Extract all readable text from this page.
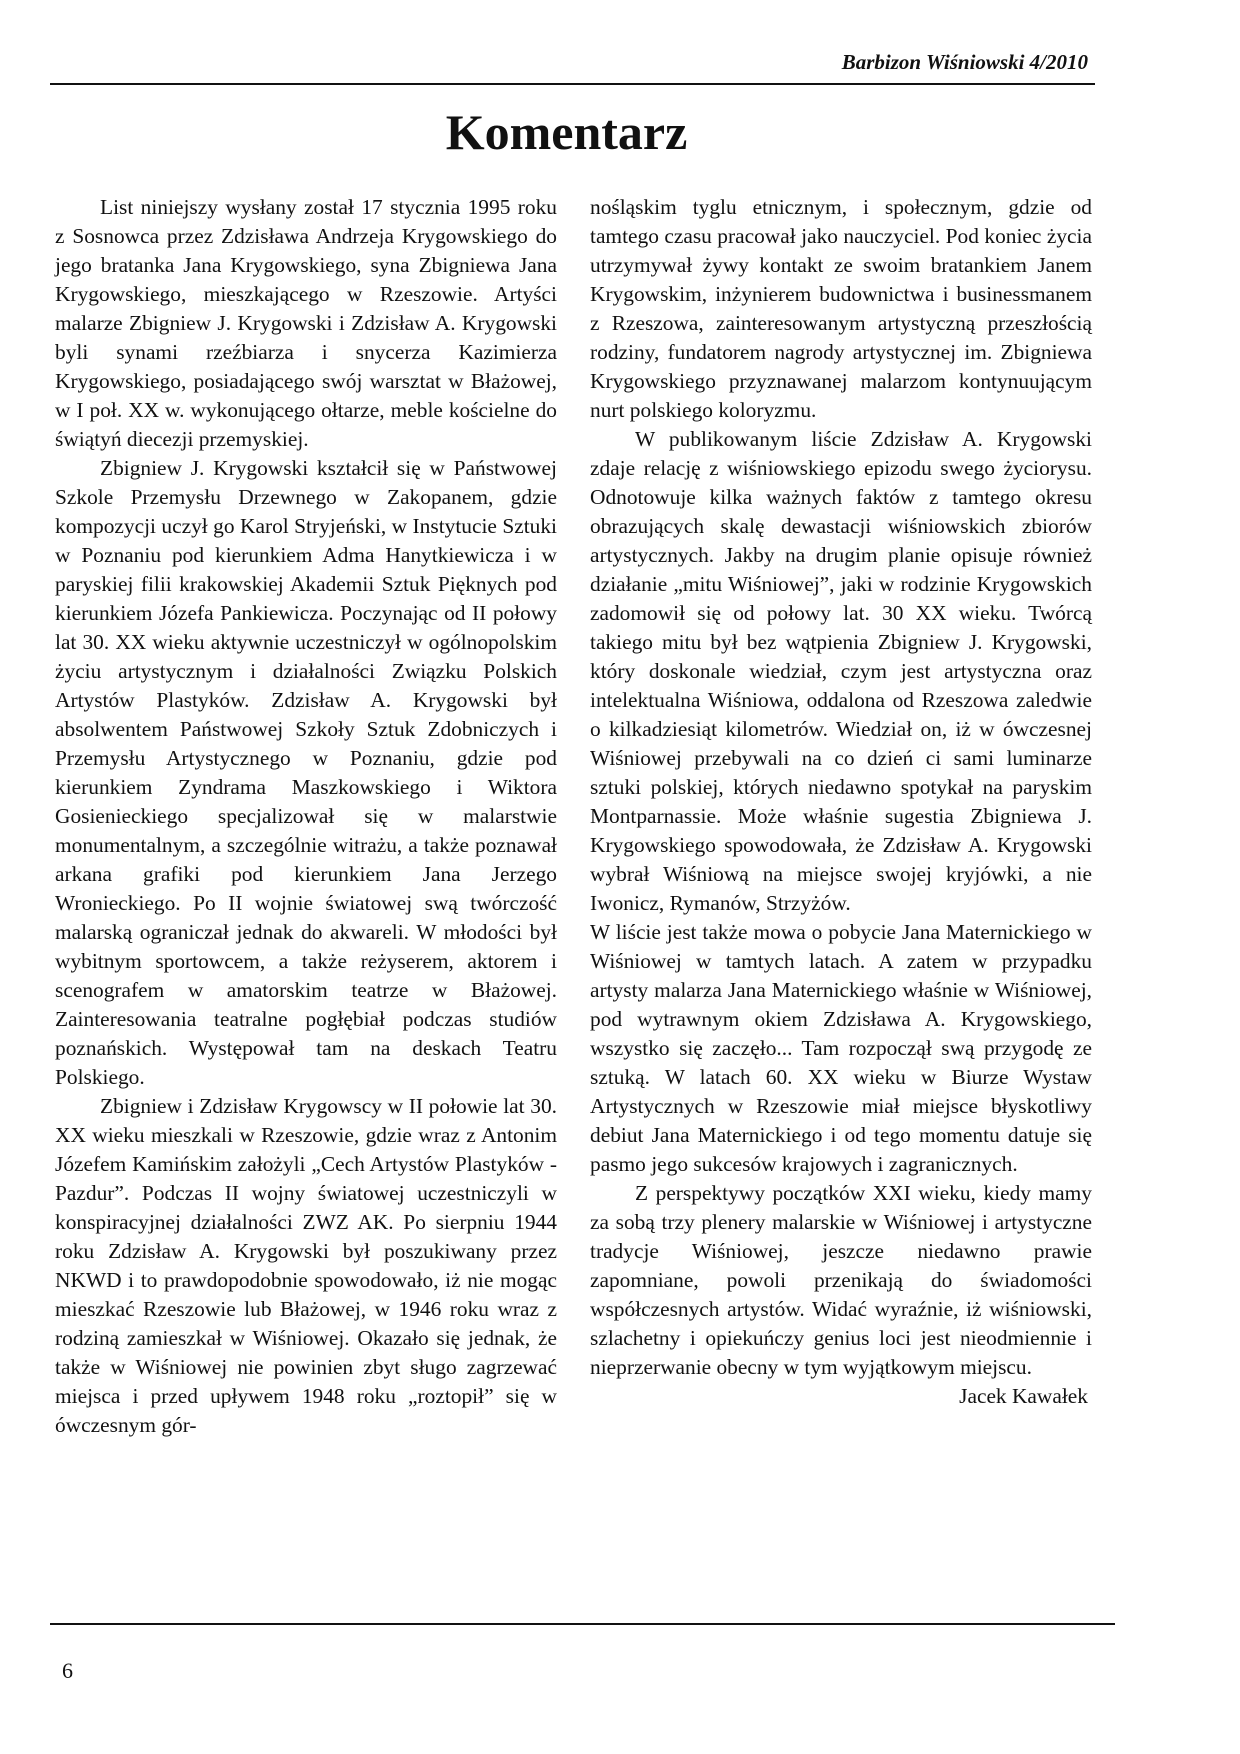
Barbizon Wiśniowski 4/2010
Komentarz

List niniejszy wysłany został 17 stycznia 1995 roku z Sosnowca przez Zdzisława Andrzeja Krygowskiego do jego bratanka Jana Krygowskiego, syna Zbigniewa Jana Krygowskiego, mieszkającego w Rzeszowie. Artyści malarze Zbigniew J. Krygowski i Zdzisław A. Krygowski byli synami rzeźbiarza i snycerza Kazimierza Krygowskiego, posiadającego swój warsztat w Błażowej, w I poł. XX w. wykonującego ołtarze, meble kościelne do świątyń diecezji przemyskiej.

Zbigniew J. Krygowski kształcił się w Państwowej Szkole Przemysłu Drzewnego w Zakopanem, gdzie kompozycji uczył go Karol Stryjeński, w Instytucie Sztuki w Poznaniu pod kierunkiem Adma Hanytkiewicza i w paryskiej filii krakowskiej Akademii Sztuk Pięknych pod kierunkiem Józefa Pankiewicza. Poczynając od II połowy lat 30. XX wieku aktywnie uczestniczył w ogólnopolskim życiu artystycznym i działalności Związku Polskich Artystów Plastyków. Zdzisław A. Krygowski był absolwentem Państwowej Szkoły Sztuk Zdobniczych i Przemysłu Artystycznego w Poznaniu, gdzie pod kierunkiem Zyndrama Maszkowskiego i Wiktora Gosienieckiego specjalizował się w malarstwie monumentalnym, a szczególnie witrażu, a także poznawał arkana grafiki pod kierunkiem Jana Jerzego Wronieckiego. Po II wojnie światowej swą twórczość malarską ograniczał jednak do akwareli. W młodości był wybitnym sportowcem, a także reżyserem, aktorem i scenografem w amatorskim teatrze w Błażowej. Zainteresowania teatralne pogłębiał podczas studiów poznańskich. Występował tam na deskach Teatru Polskiego.

Zbigniew i Zdzisław Krygowscy w II połowie lat 30. XX wieku mieszkali w Rzeszowie, gdzie wraz z Antonim Józefem Kamińskim założyli „Cech Artystów Plastyków - Pazdur”. Podczas II wojny światowej uczestniczyli w konspiracyjnej działalności ZWZ AK. Po sierpniu 1944 roku Zdzisław A. Krygowski był poszukiwany przez NKWD i to prawdopodobnie spowodowało, iż nie mogąc mieszkać Rzeszowie lub Błażowej, w 1946 roku wraz z rodziną zamieszkał w Wiśniowej. Okazało się jednak, że także w Wiśniowej nie powinien zbyt sługo zagrzewać miejsca i przed upływem 1948 roku „roztopił” się w ówczesnym gór-

nośląskim tyglu etnicznym, i społecznym, gdzie od tamtego czasu pracował jako nauczyciel. Pod koniec życia utrzymywał żywy kontakt ze swoim bratankiem Janem Krygowskim, inżynierem budownictwa i businessmanem z Rzeszowa, zainteresowanym artystyczną przeszłością rodziny, fundatorem nagrody artystycznej im. Zbigniewa Krygowskiego przyznawanej malarzom kontynuującym nurt polskiego koloryzmu.

W publikowanym liście Zdzisław A. Krygowski zdaje relację z wiśniowskiego epizodu swego życiorysu. Odnotowuje kilka ważnych faktów z tamtego okresu obrazujących skalę dewastacji wiśniowskich zbiorów artystycznych. Jakby na drugim planie opisuje również działanie „mitu Wiśniowej”, jaki w rodzinie Krygowskich zadomowił się od połowy lat. 30 XX wieku. Twórcą takiego mitu był bez wątpienia Zbigniew J. Krygowski, który doskonale wiedział, czym jest artystyczna oraz intelektualna Wiśniowa, oddalona od Rzeszowa zaledwie o kilkadziesiąt kilometrów. Wiedział on, iż w ówczesnej Wiśniowej przebywali na co dzień ci sami luminarze sztuki polskiej, których niedawno spotykał na paryskim Montparnassie. Może właśnie sugestia Zbigniewa J. Krygowskiego spowodowała, że Zdzisław A. Krygowski wybrał Wiśniową na miejsce swojej kryjówki, a nie Iwonicz, Rymanów, Strzyżów.

W liście jest także mowa o pobycie Jana Maternickiego w Wiśniowej w tamtych latach. A zatem w przypadku artysty malarza Jana Maternickiego właśnie w Wiśniowej, pod wytrawnym okiem Zdzisława A. Krygowskiego, wszystko się zaczęło... Tam rozpoczął swą przygodę ze sztuką. W latach 60. XX wieku w Biurze Wystaw Artystycznych w Rzeszowie miał miejsce błyskotliwy debiut Jana Maternickiego i od tego momentu datuje się pasmo jego sukcesów krajowych i zagranicznych.

Z perspektywy początków XXI wieku, kiedy mamy za sobą trzy plenery malarskie w Wiśniowej i artystyczne tradycje Wiśniowej, jeszcze niedawno prawie zapomniane, powoli przenikają do świadomości współczesnych artystów. Widać wyraźnie, iż wiśniowski, szlachetny i opiekuńczy genius loci jest nieodmiennie i nieprzerwanie obecny w tym wyjątkowym miejscu.

Jacek Kawałek

6
